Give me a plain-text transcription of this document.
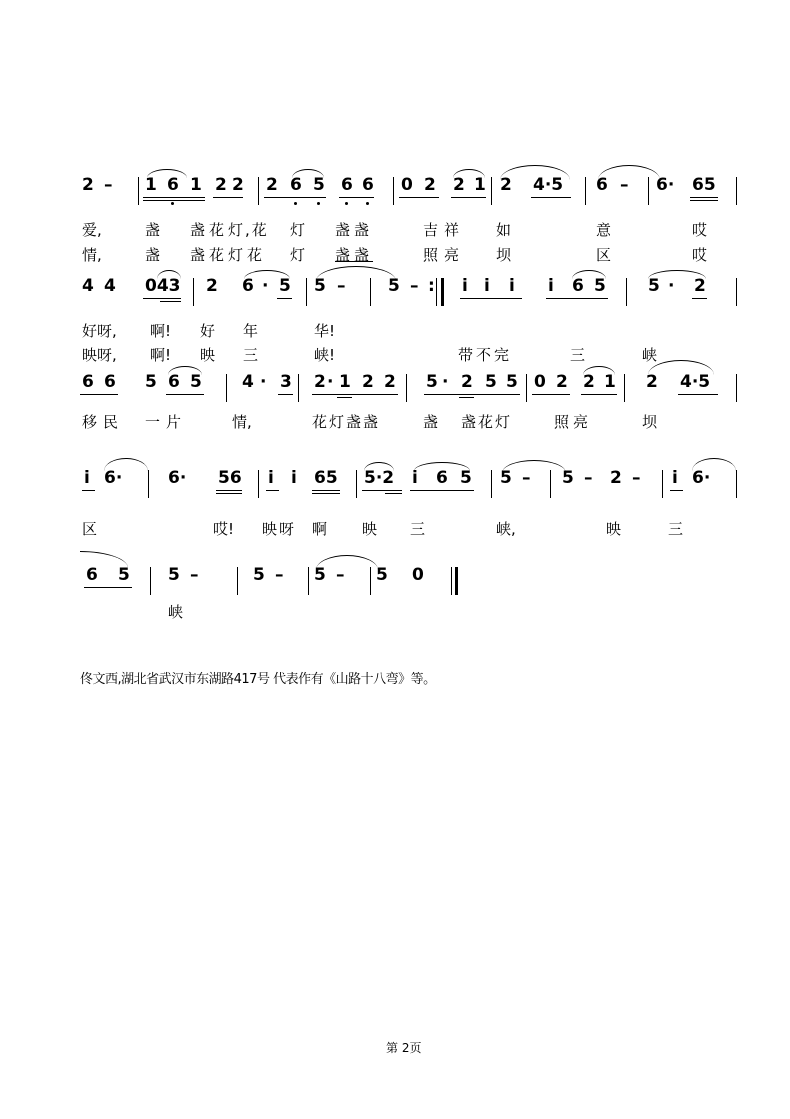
2 – 1 6 1 2 2 2 6 5 6 6 0 2 2 1 2 4·5 6 – 6· 65
爱,	盏 盏花 灯,花 灯 盏盏	吉祥 如	意	哎
情,	盏 盏花 灯花 灯 盏盏	照亮 坝	区	哎
4 4 043 2 6 · 5 5 –	5 – : i i i i 6 5 5 · 2
好呀, 啊! 好 年	华!
映呀, 啊! 映 三	峡!	带不完	三	峡
6 6 5 6 5 4 · 3 2 · 1 2 2 5 · 2 5 5 0 2 2 1 2 4·5
移民 一片	情,	花灯盏盏	盏 盏花灯	照亮	坝
i 6·	6· 56 i i 65 5·2 i 6 5 5 – 5 – 2 – i 6·
区	哎! 映呀 啊 映 三	峡,	映	三
6 5 5 –	5 – 5 – 5 0
峡
佟文西,湖北省武汉市东湖路417号 代表作有《山路十八弯》等。
第 2页
